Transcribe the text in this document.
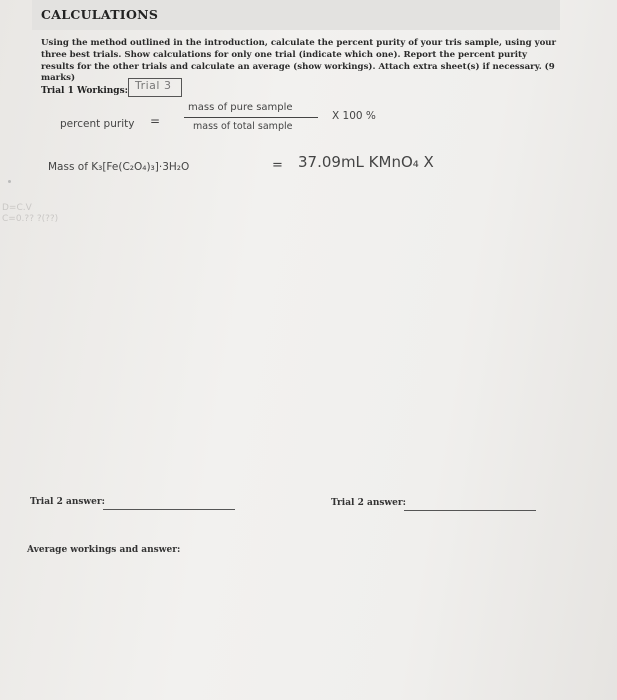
CALCULATIONS
Using the method outlined in the introduction, calculate the percent purity of your tris sample, using your three best trials. Show calculations for only one trial (indicate which one). Report the percent purity results for the other trials and calculate an average (show workings). Attach extra sheet(s) if necessary. (9 marks)
Trial 1 Workings: Trial 3
percent purity =
mass of pure sample
mass of total sample
X 100 %
Mass of K₃[Fe(C₂O₄)₃]·3H₂O	= 37.09mL KMnO₄ X
D=C.V
C=0.?? ?(??)
Trial 2 answer:	Trial 2 answer:
Average workings and answer:
